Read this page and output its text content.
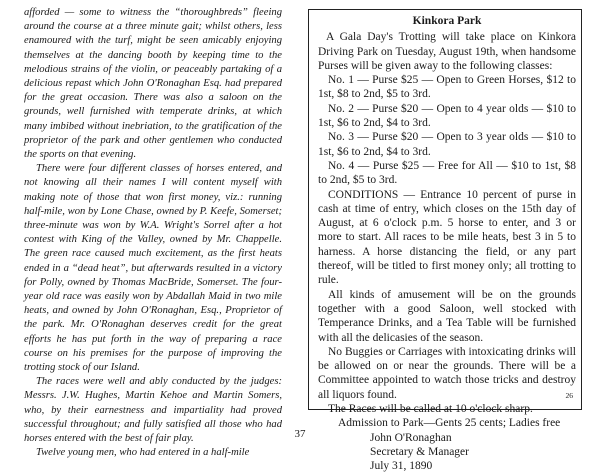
afforded — some to witness the “thoroughbreds” fleeing around the course at a three minute gait; whilst others, less enamoured with the turf, might be seen amicably enjoying themselves at the dancing booth by keeping time to the melodious strains of the violin, or peaceably partaking of a delicious repast which John O'Ronaghan Esq. had prepared for the great occasion. There was also a saloon on the grounds, well furnished with temperate drinks, at which many imbibed without inebriation, to the gratification of the proprietor of the park and other gentlemen who conducted the sports on that evening.

There were four different classes of horses entered, and not knowing all their names I will content myself with making note of those that won first money, viz.: running half-mile, won by Lone Chase, owned by P. Keefe, Somerset; three-minute was won by W.A. Wright's Sorrel after a hot contest with King of the Valley, owned by Mr. Chappelle. The green race caused much excitement, as the first heats ended in a “dead heat”, but afterwards resulted in a victory for Polly, owned by Thomas MacBride, Somerset. The four-year old race was easily won by Abdallah Maid in two mile heats, and owned by John O'Ronaghan, Esq., Proprietor of the park. Mr. O'Ronaghan deserves credit for the great efforts he has put forth in the way of preparing a race course on his premises for the purpose of improving the trotting stock of our Island.

The races were well and ably conducted by the judges: Messrs. J.W. Hughes, Martin Kehoe and Martin Somers, who, by their earnestness and impartiality had proved successful throughout; and fully satisfied all those who had horses entered with the best of fair play.

Twelve young men, who had entered in a half-mile

37
Kinkora Park

A Gala Day's Trotting will take place on Kinkora Driving Park on Tuesday, August 19th, when handsome Purses will be given away to the following classes:

No. 1 — Purse $25 — Open to Green Horses, $12 to 1st, $8 to 2nd, $5 to 3rd.

No. 2 — Purse $20 — Open to 4 year olds — $10 to 1st, $6 to 2nd, $4 to 3rd.

No. 3 — Purse $20 — Open to 3 year olds — $10 to 1st, $6 to 2nd, $4 to 3rd.

No. 4 — Purse $25 — Free for All — $10 to 1st, $8 to 2nd, $5 to 3rd.

CONDITIONS — Entrance 10 percent of purse in cash at time of entry, which closes on the 15th day of August, at 6 o'clock p.m. 5 horse to enter, and 3 or more to start. All races to be mile heats, best 3 in 5 to harness. A horse distancing the field, or any part thereof, will be titled to first money only; all trotting to rule.

All kinds of amusement will be on the grounds together with a good Saloon, well stocked with Temperance Drinks, and a Tea Table will be furnished with all the delicasies of the season.

No Buggies or Carriages with intoxicating drinks will be allowed on or near the grounds. There will be a Committee appointed to watch those tricks and destroy all liquors found.

The Races will be called at 10 o'clock sharp.

Admission to Park—Gents 25 cents; Ladies free

John O'Ronaghan

Secretary & Manager

July 31, 1890

26
